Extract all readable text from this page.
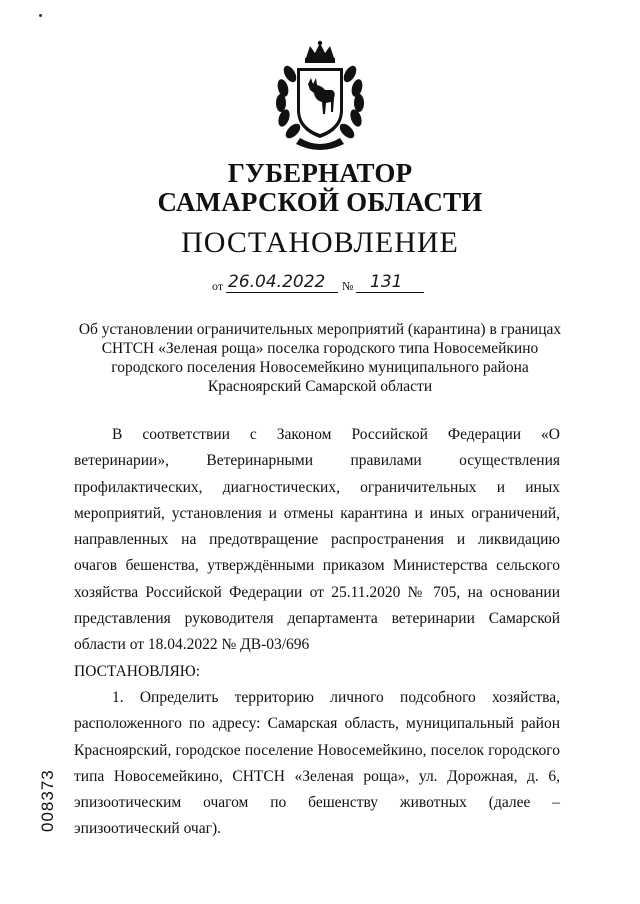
ГУБЕРНАТОР
САМАРСКОЙ ОБЛАСТИ
ПОСТАНОВЛЕНИЕ
от 26.04.2022 № 131
Об установлении ограничительных мероприятий (карантина) в границах СНТСН «Зеленая роща» поселка городского типа Новосемейкино городского поселения Новосемейкино муниципального района Красноярский Самарской области

В соответствии с Законом Российской Федерации «О ветеринарии», Ветеринарными правилами осуществления профилактических, диагностических, ограничительных и иных мероприятий, установления и отмены карантина и иных ограничений, направленных на предотвращение распространения и ликвидацию очагов бешенства, утверждёнными приказом Министерства сельского хозяйства Российской Федерации от 25.11.2020 № 705, на основании представления руководителя департамента ветеринарии Самарской области от 18.04.2022 № ДВ-03/696

ПОСТАНОВЛЯЮ:

1. Определить территорию личного подсобного хозяйства, расположенного по адресу: Самарская область, муниципальный район Красноярский, городское поселение Новосемейкино, поселок городского типа Новосемейкино, СНТСН «Зеленая роща», ул. Дорожная, д. 6, эпизоотическим очагом по бешенству животных (далее – эпизоотический очаг).

008373
